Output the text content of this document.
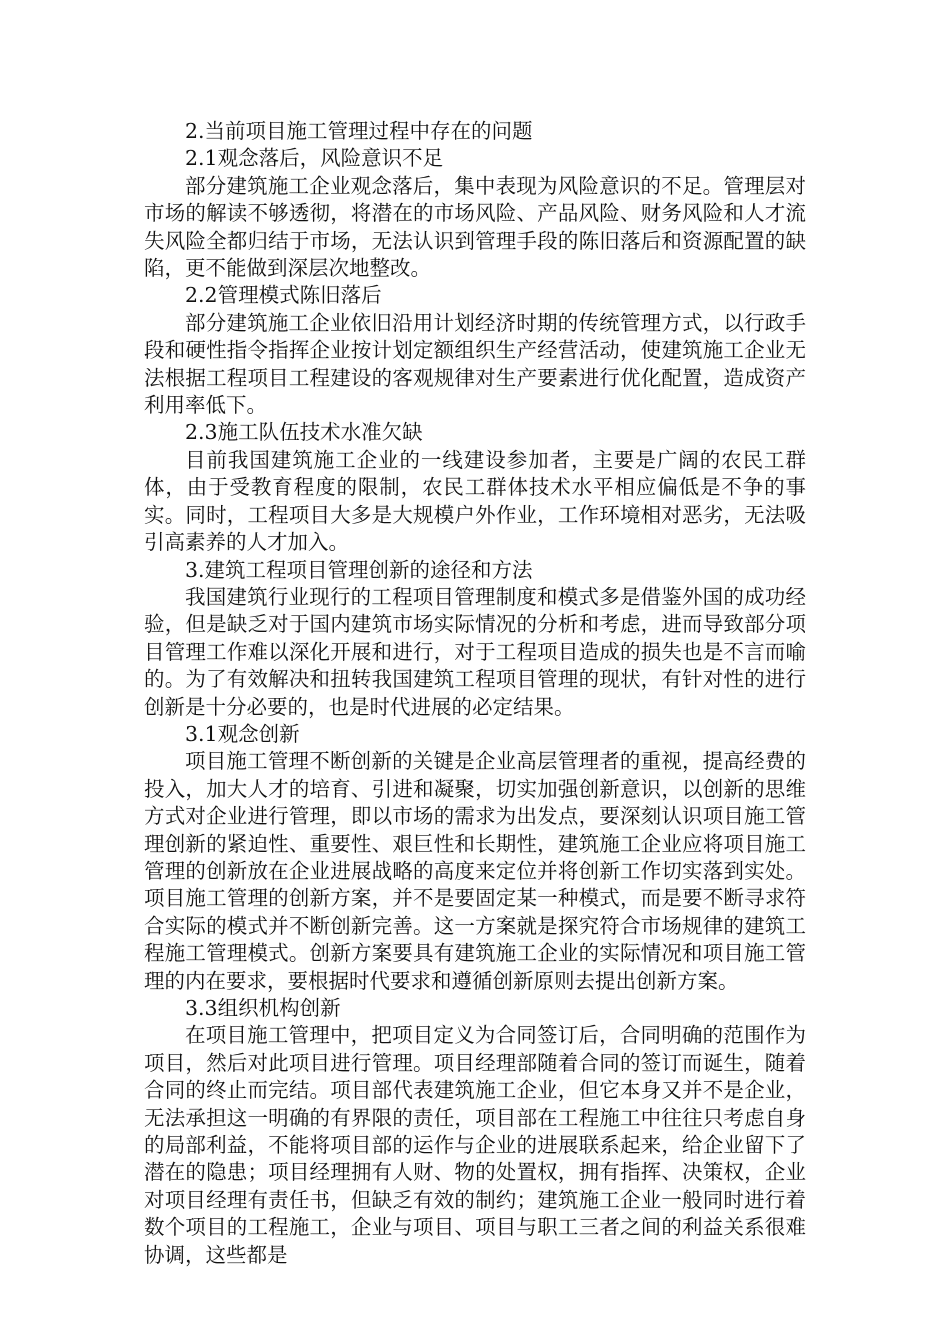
2.当前项目施工管理过程中存在的问题

2.1观念落后，风险意识不足

部分建筑施工企业观念落后，集中表现为风险意识的不足。管理层对市场的解读不够透彻，将潜在的市场风险、产品风险、财务风险和人才流失风险全都归结于市场，无法认识到管理手段的陈旧落后和资源配置的缺陷，更不能做到深层次地整改。

2.2管理模式陈旧落后

部分建筑施工企业依旧沿用计划经济时期的传统管理方式，以行政手段和硬性指令指挥企业按计划定额组织生产经营活动，使建筑施工企业无法根据工程项目工程建设的客观规律对生产要素进行优化配置，造成资产利用率低下。

2.3施工队伍技术水准欠缺

目前我国建筑施工企业的一线建设参加者，主要是广阔的农民工群体，由于受教育程度的限制，农民工群体技术水平相应偏低是不争的事实。同时，工程项目大多是大规模户外作业，工作环境相对恶劣，无法吸引高素养的人才加入。

3.建筑工程项目管理创新的途径和方法

我国建筑行业现行的工程项目管理制度和模式多是借鉴外国的成功经验，但是缺乏对于国内建筑市场实际情况的分析和考虑，进而导致部分项目管理工作难以深化开展和进行，对于工程项目造成的损失也是不言而喻的。为了有效解决和扭转我国建筑工程项目管理的现状，有针对性的进行创新是十分必要的，也是时代进展的必定结果。

3.1观念创新

项目施工管理不断创新的关键是企业高层管理者的重视，提高经费的投入，加大人才的培育、引进和凝聚，切实加强创新意识，以创新的思维方式对企业进行管理，即以市场的需求为出发点，要深刻认识项目施工管理创新的紧迫性、重要性、艰巨性和长期性，建筑施工企业应将项目施工管理的创新放在企业进展战略的高度来定位并将创新工作切实落到实处。项目施工管理的创新方案，并不是要固定某一种模式，而是要不断寻求符合实际的模式并不断创新完善。这一方案就是探究符合市场规律的建筑工程施工管理模式。创新方案要具有建筑施工企业的实际情况和项目施工管理的内在要求，要根据时代要求和遵循创新原则去提出创新方案。

3.3组织机构创新

在项目施工管理中，把项目定义为合同签订后，合同明确的范围作为项目，然后对此项目进行管理。项目经理部随着合同的签订而诞生，随着合同的终止而完结。项目部代表建筑施工企业，但它本身又并不是企业，无法承担这一明确的有界限的责任，项目部在工程施工中往往只考虑自身的局部利益，不能将项目部的运作与企业的进展联系起来，给企业留下了潜在的隐患；项目经理拥有人财、物的处置权，拥有指挥、决策权，企业对项目经理有责任书，但缺乏有效的制约；建筑施工企业一般同时进行着数个项目的工程施工，企业与项目、项目与职工三者之间的利益关系很难协调，这些都是
